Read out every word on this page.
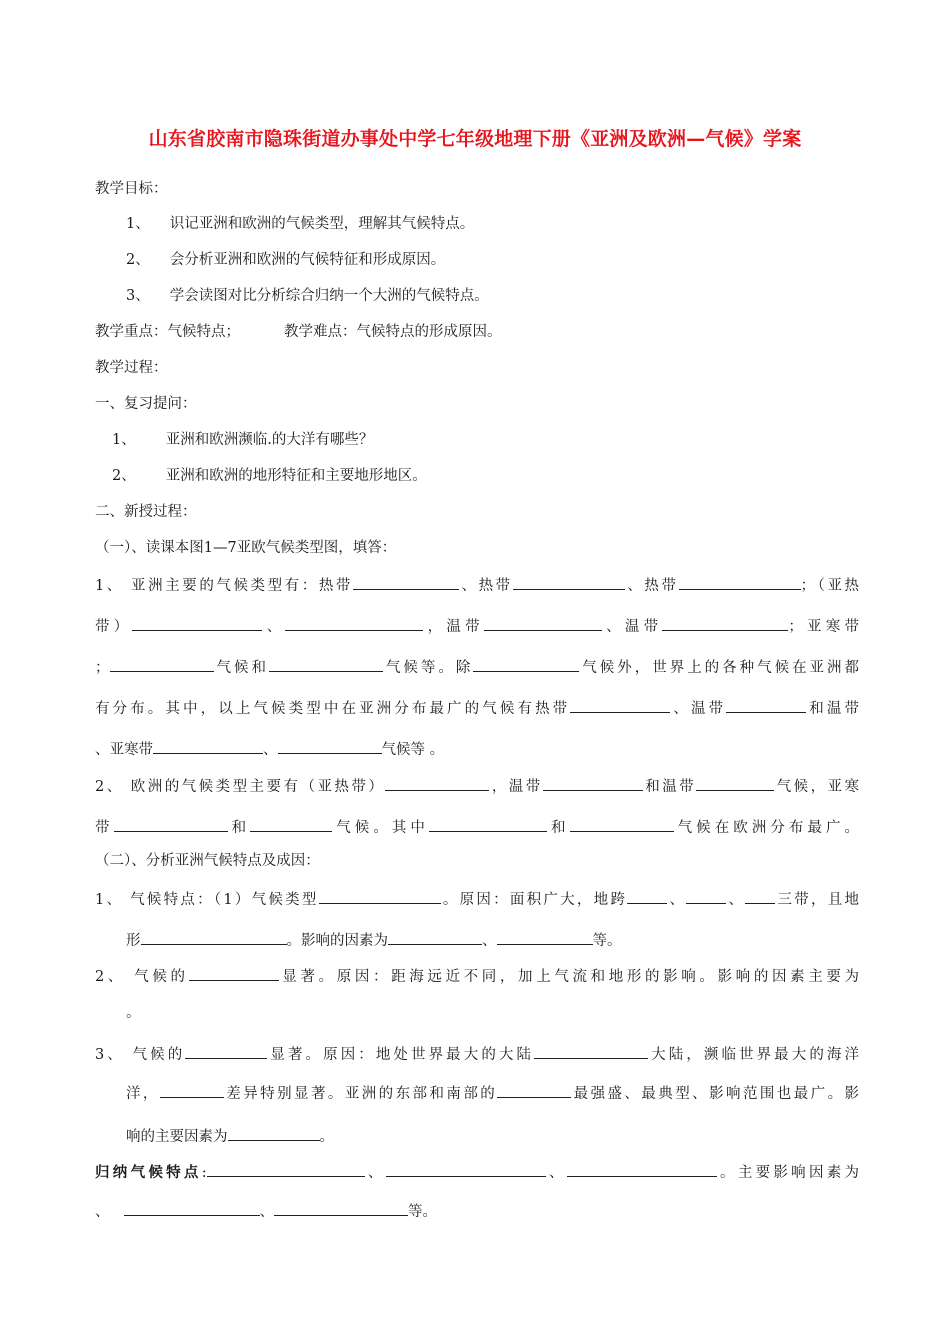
山东省胶南市隐珠街道办事处中学七年级地理下册《亚洲及欧洲—气候》学案
教学目标：
1、 识记亚洲和欧洲的气候类型，理解其气候特点。
2、 会分析亚洲和欧洲的气候特征和形成原因。
3、 学会读图对比分析综合归纳一个大洲的气候特点。
教学重点：气候特点；	教学难点：气候特点的形成原因。
教学过程：
一、复习提问：
1、 亚洲和欧洲濒临.的大洋有哪些？
2、 亚洲和欧洲的地形特征和主要地形地区。
二、新授过程：
（一）、读课本图1—7亚欧气候类型图，填答：
1、 亚洲主要的气候类型有：热带	、热带	、热带	；（亚热
带）	、	，温带	、温带	；亚寒带
；	气候和	气候等。除	气候外，世界上的各种气候在亚洲都
有分布。其中，以上气候类型中在亚洲分布最广的气候有热带	、温带	和温带
、亚寒带	、	气候等 。
2、 欧洲的气候类型主要有（亚热带）	，温带	和温带	气候，亚寒
带	和	气候。其中	和	气候在欧洲分布最广。
（二）、分析亚洲气候特点及成因：
1、 气候特点：（1）气候类型	。原因：面积广大，地跨	、	、 三带，且地
形	。影响的因素为	、	等。
2、 气候的	显著。原因：距海远近不同，加上气流和地形的影响。影响的因素主要为
。
3、 气候的	显著。原因：地处世界最大的大陆	大陆，濒临世界最大的海洋
洋，	差异特别显著。亚洲的东部和南部的	最强盛、最典型、影响范围也最广。影
响的主要因素为	。
归纳气候特点:	、	、	。主要影响因素为
、	、	等。
